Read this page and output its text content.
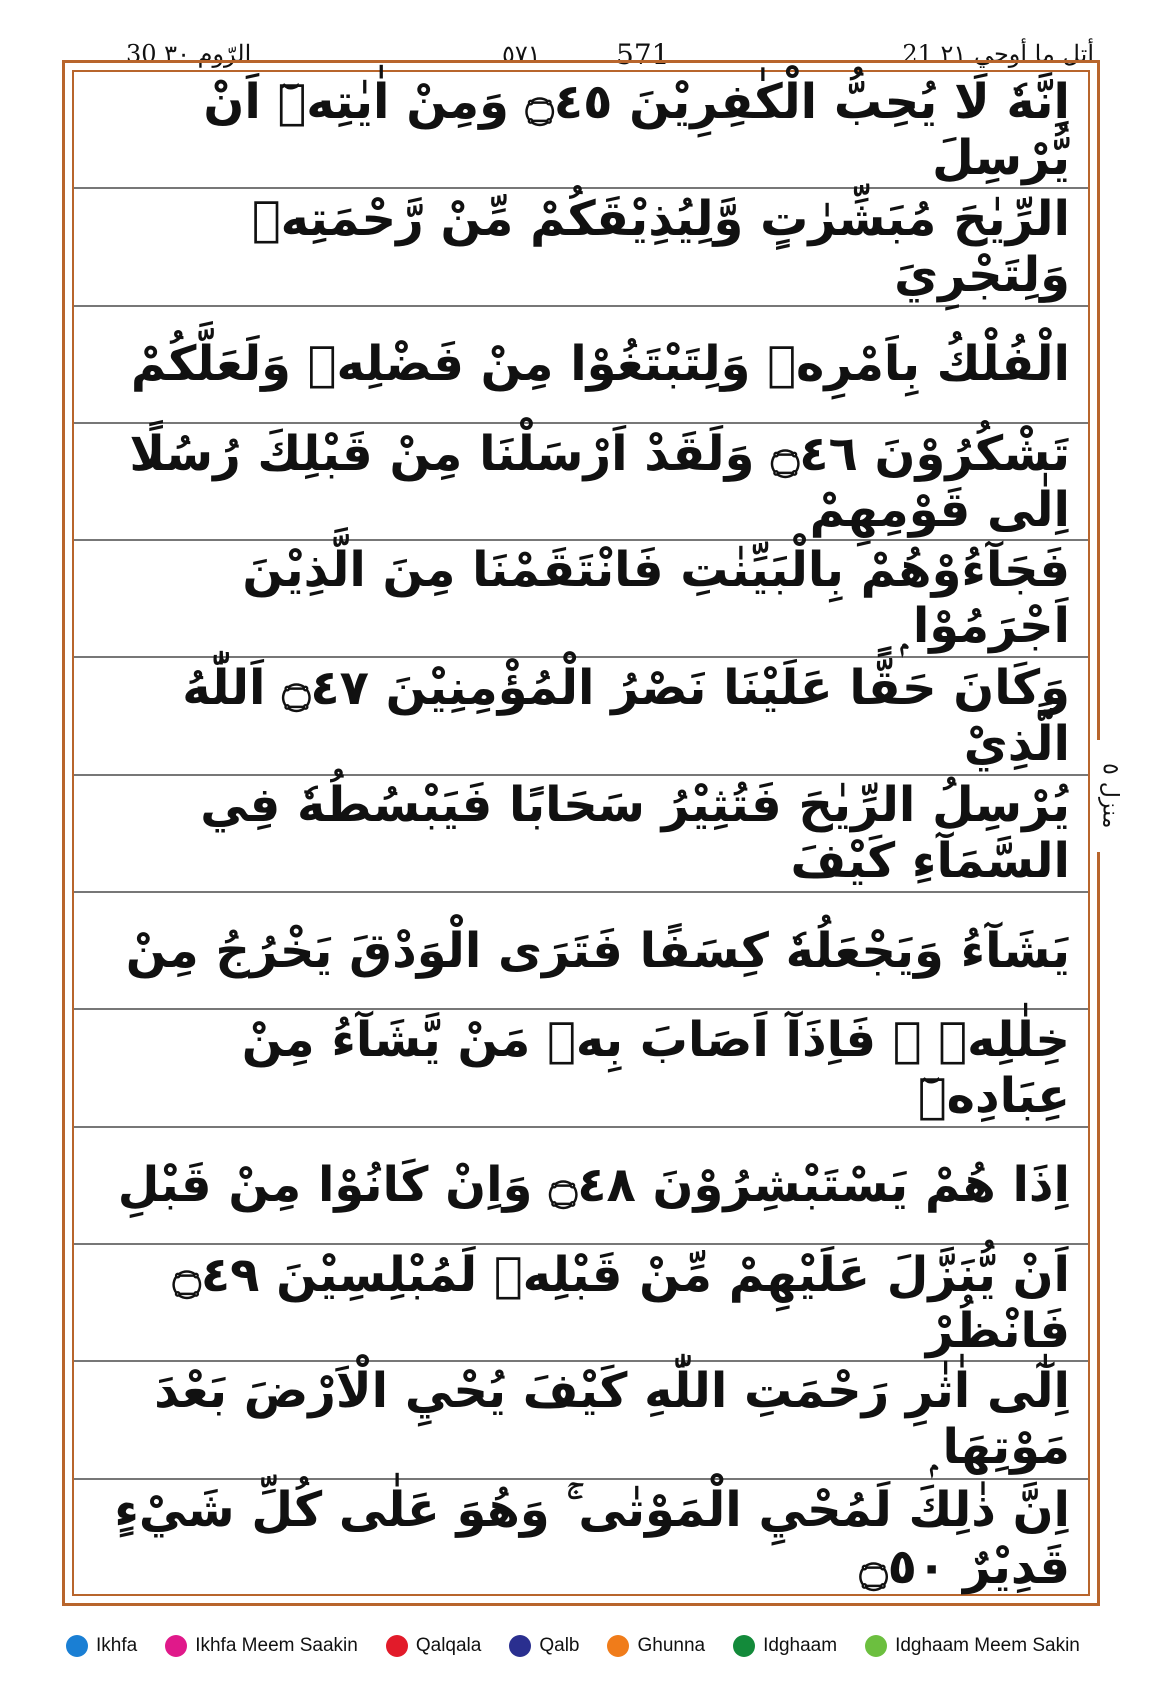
30 الرّوم ٣٠	٥٧١	571	21 أتل ما أوحي ٢١
اِنَّهٗ لَا يُحِبُّ الْكٰفِرِيْنَ ۝٤٥ وَمِنْ اٰيٰتِهٖٓ اَنْ يُّرْسِلَ
الرِّيٰحَ مُبَشِّرٰتٍ وَّلِيُذِيْقَكُمْ مِّنْ رَّحْمَتِهٖ وَلِتَجْرِيَ
الْفُلْكُ بِاَمْرِهٖ وَلِتَبْتَغُوْا مِنْ فَضْلِهٖ وَلَعَلَّكُمْ
تَشْكُرُوْنَ ۝٤٦ وَلَقَدْ اَرْسَلْنَا مِنْ قَبْلِكَ رُسُلًا اِلٰى قَوْمِهِمْ
فَجَآءُوْهُمْ بِالْبَيِّنٰتِ فَانْتَقَمْنَا مِنَ الَّذِيْنَ اَجْرَمُوْا ۭ
وَكَانَ حَقًّا عَلَيْنَا نَصْرُ الْمُؤْمِنِيْنَ ۝٤٧ اَللّٰهُ الَّذِيْ
يُرْسِلُ الرِّيٰحَ فَتُثِيْرُ سَحَابًا فَيَبْسُطُهٗ فِي السَّمَآءِ كَيْفَ
يَشَآءُ وَيَجْعَلُهٗ كِسَفًا فَتَرَى الْوَدْقَ يَخْرُجُ مِنْ
خِلٰلِهٖ ۚ فَاِذَآ اَصَابَ بِهٖ مَنْ يَّشَآءُ مِنْ عِبَادِهٖٓ
اِذَا هُمْ يَسْتَبْشِرُوْنَ ۝٤٨ وَاِنْ كَانُوْا مِنْ قَبْلِ
اَنْ يُّنَزَّلَ عَلَيْهِمْ مِّنْ قَبْلِهٖ لَمُبْلِسِيْنَ ۝٤٩ فَانْظُرْ
اِلٰٓى اٰثٰرِ رَحْمَتِ اللّٰهِ كَيْفَ يُحْيِ الْاَرْضَ بَعْدَ مَوْتِهَا ۭ
اِنَّ ذٰلِكَ لَمُحْيِ الْمَوْتٰى ۚ وَهُوَ عَلٰى كُلِّ شَيْءٍ قَدِيْرٌ ۝٥٠
منزل ٥
Ikhfa	Ikhfa Meem Saakin	Qalqala	Qalb	Ghunna	Idghaam	Idghaam Meem Sakin
